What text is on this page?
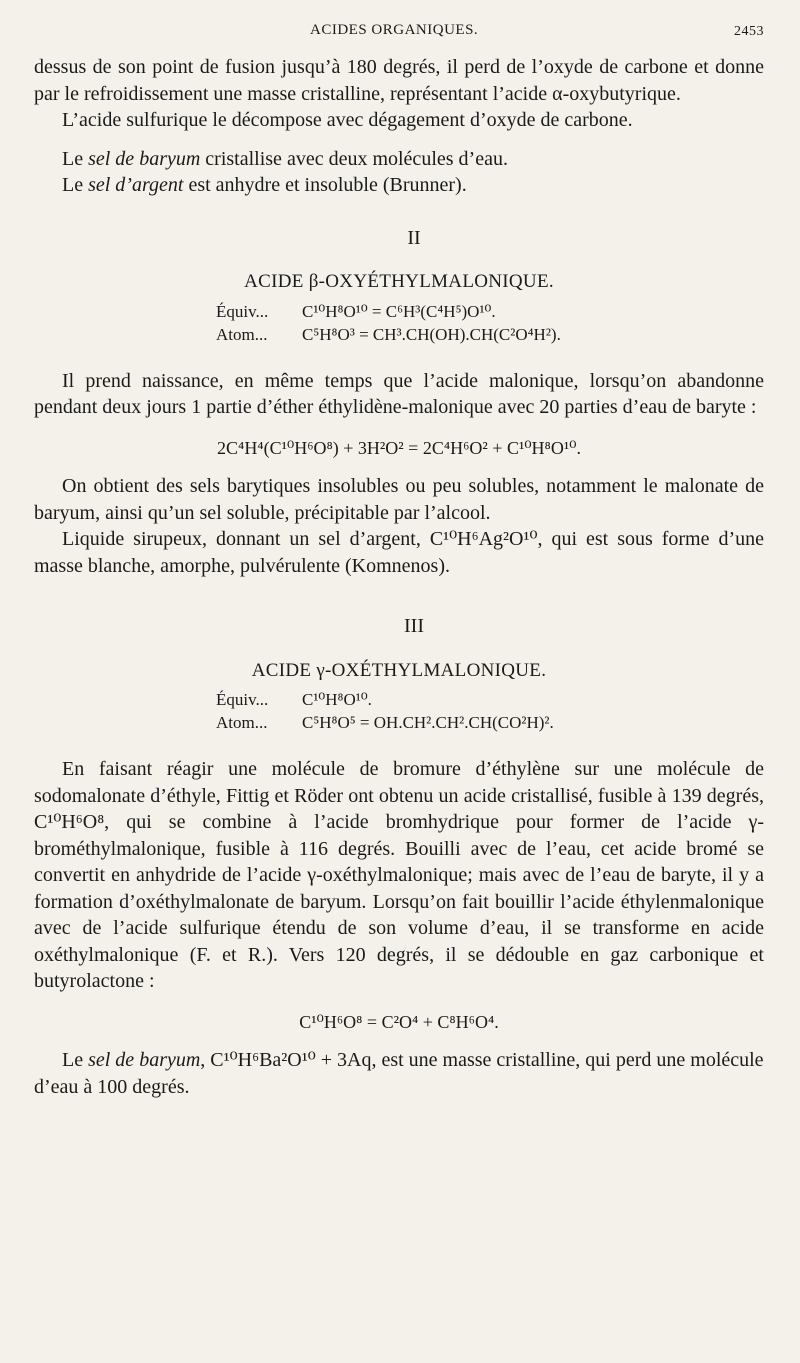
ACIDES ORGANIQUES.	2453

dessus de son point de fusion jusqu’à 180 degrés, il perd de l’oxyde de carbone et donne par le refroidissement une masse cristalline, représentant l’acide α-oxybutyrique.

L’acide sulfurique le décompose avec dégagement d’oxyde de carbone.

Le sel de baryum cristallise avec deux molécules d’eau.

Le sel d’argent est anhydre et insoluble (Brunner).

II
ACIDE β-OXYÉTHYLMALONIQUE.
Équiv... C¹⁰H⁸O¹⁰ = C⁶H³(C⁴H⁵)O¹⁰.
Atom... C⁵H⁸O³ = CH³.CH(OH).CH(C²O⁴H²).

Il prend naissance, en même temps que l’acide malonique, lorsqu’on abandonne pendant deux jours 1 partie d’éther éthylidène-malonique avec 20 parties d’eau de baryte :

2C⁴H⁴(C¹⁰H⁶O⁸) + 3H²O² = 2C⁴H⁶O² + C¹⁰H⁸O¹⁰.

On obtient des sels barytiques insolubles ou peu solubles, notamment le malonate de baryum, ainsi qu’un sel soluble, précipitable par l’alcool.

Liquide sirupeux, donnant un sel d’argent, C¹⁰H⁶Ag²O¹⁰, qui est sous forme d’une masse blanche, amorphe, pulvérulente (Komnenos).

III
ACIDE γ-OXÉTHYLMALONIQUE.
Équiv... C¹⁰H⁸O¹⁰.
Atom... C⁵H⁸O⁵ = OH.CH².CH².CH(CO²H)².

En faisant réagir une molécule de bromure d’éthylène sur une molécule de sodomalonate d’éthyle, Fittig et Röder ont obtenu un acide cristallisé, fusible à 139 degrés, C¹⁰H⁶O⁸, qui se combine à l’acide bromhydrique pour former de l’acide γ-brométhylmalonique, fusible à 116 degrés. Bouilli avec de l’eau, cet acide bromé se convertit en anhydride de l’acide γ-oxéthylmalonique; mais avec de l’eau de baryte, il y a formation d’oxéthylmalonate de baryum. Lorsqu’on fait bouillir l’acide éthylenmalonique avec de l’acide sulfurique étendu de son volume d’eau, il se transforme en acide oxéthylmalonique (F. et R.). Vers 120 degrés, il se dédouble en gaz carbonique et butyrolactone :

C¹⁰H⁶O⁸ = C²O⁴ + C⁸H⁶O⁴.

Le sel de baryum, C¹⁰H⁶Ba²O¹⁰ + 3Aq, est une masse cristalline, qui perd une molécule d’eau à 100 degrés.
